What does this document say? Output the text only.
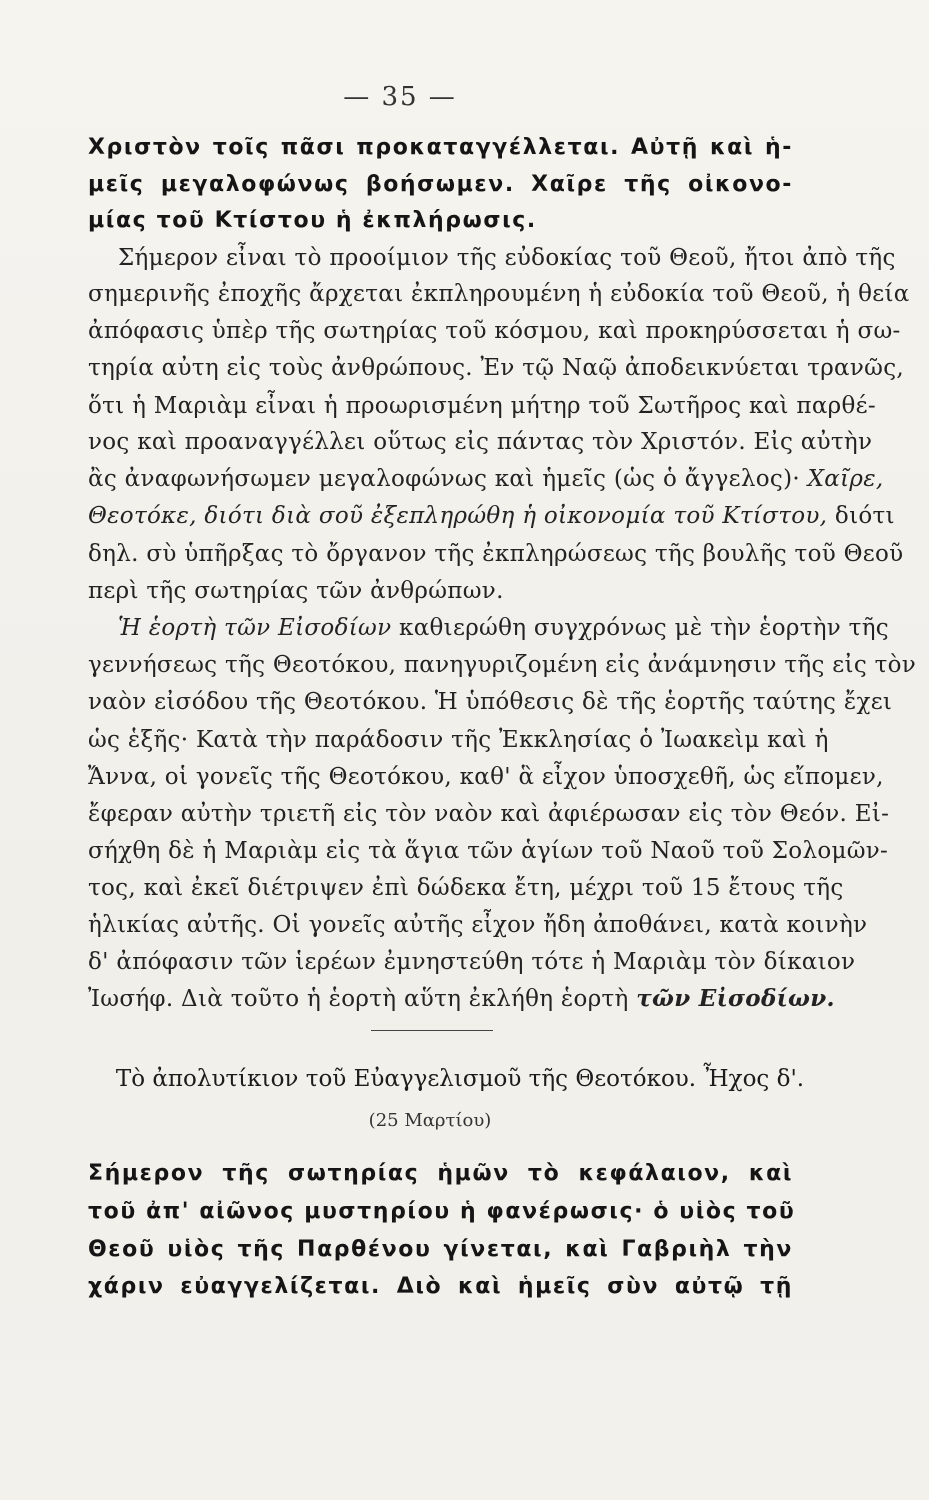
— 35 —
Χριστὸν τοῖς πᾶσι προκαταγγέλλεται. Αὐτῇ καὶ ἡ-
μεῖς μεγαλοφώνως βοήσωμεν. Χαῖρε τῆς οἰκονο-
μίας τοῦ Κτίστου ἡ ἐκπλήρωσις.
Σήμερον εἶναι τὸ προοίμιον τῆς εὐδοκίας τοῦ Θεοῦ, ἤτοι ἀπὸ τῆς
σημερινῆς ἐποχῆς ἄρχεται ἐκπληρουμένη ἡ εὐδοκία τοῦ Θεοῦ, ἡ θεία
ἀπόφασις ὑπὲρ τῆς σωτηρίας τοῦ κόσμου, καὶ προκηρύσσεται ἡ σω-
τηρία αὐτη εἰς τοὺς ἀνθρώπους. Ἐν τῷ Ναῷ ἀποδεικνύεται τρανῶς,
ὅτι ἡ Μαριὰμ εἶναι ἡ προωρισμένη μήτηρ τοῦ Σωτῆρος καὶ παρθέ-
νος καὶ προαναγγέλλει οὕτως εἰς πάντας τὸν Χριστόν. Εἰς αὐτὴν
ἂς ἀναφωνήσωμεν μεγαλοφώνως καὶ ἡμεῖς (ὡς ὁ ἄγγελος)· Χαῖρε,
Θεοτόκε, διότι διὰ σοῦ ἐξεπληρώθη ἡ οἰκονομία τοῦ Κτίστου, διότι
δηλ. σὺ ὑπῆρξας τὸ ὄργανον τῆς ἐκπληρώσεως τῆς βουλῆς τοῦ Θεοῦ
περὶ τῆς σωτηρίας τῶν ἀνθρώπων.
Ἡ ἑορτὴ τῶν Εἰσοδίων καθιερώθη συγχρόνως μὲ τὴν ἑορτὴν τῆς
γεννήσεως τῆς Θεοτόκου, πανηγυριζομένη εἰς ἀνάμνησιν τῆς εἰς τὸν
ναὸν εἰσόδου τῆς Θεοτόκου. Ἡ ὑπόθεσις δὲ τῆς ἑορτῆς ταύτης ἔχει
ὡς ἑξῆς· Κατὰ τὴν παράδοσιν τῆς Ἐκκλησίας ὁ Ἰωακεὶμ καὶ ἡ
Ἄννα, οἱ γονεῖς τῆς Θεοτόκου, καθ' ἃ εἶχον ὑποσχεθῆ, ὡς εἴπομεν,
ἔφεραν αὐτὴν τριετῆ εἰς τὸν ναὸν καὶ ἀφιέρωσαν εἰς τὸν Θεόν. Εἰ-
σήχθη δὲ ἡ Μαριὰμ εἰς τὰ ἅγια τῶν ἁγίων τοῦ Ναοῦ τοῦ Σολομῶν-
τος, καὶ ἐκεῖ διέτριψεν ἐπὶ δώδεκα ἔτη, μέχρι τοῦ 15 ἔτους τῆς
ἡλικίας αὐτῆς. Οἱ γονεῖς αὐτῆς εἶχον ἤδη ἀποθάνει, κατὰ κοινὴν
δ' ἀπόφασιν τῶν ἱερέων ἐμνηστεύθη τότε ἡ Μαριὰμ τὸν δίκαιον
Ἰωσήφ. Διὰ τοῦτο ἡ ἑορτὴ αὕτη ἐκλήθη ἑορτὴ τῶν Εἰσοδίων.
Τὸ ἀπολυτίκιον τοῦ Εὐαγγελισμοῦ τῆς Θεοτόκου. Ἦχος δ'.
(25 Μαρτίου)
Σήμερον τῆς σωτηρίας ἡμῶν τὸ κεφάλαιον, καὶ
τοῦ ἀπ' αἰῶνος μυστηρίου ἡ φανέρωσις· ὁ υἱὸς τοῦ
Θεοῦ υἱὸς τῆς Παρθένου γίνεται, καὶ Γαβριὴλ τὴν
χάριν εὐαγγελίζεται. Διὸ καὶ ἡμεῖς σὺν αὐτῷ τῇ
